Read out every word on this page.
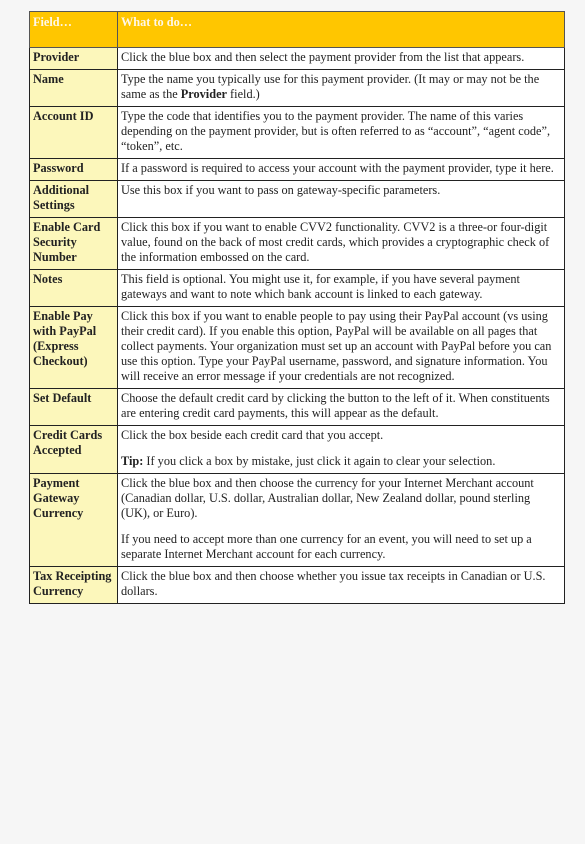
Field…	What to do…
Provider	Click the blue box and then select the payment provider from the list that appears.

Name	Type the name you typically use for this payment provider. (It may or may not be the same as the Provider field.)

Account ID	Type the code that identifies you to the payment provider. The name of this varies depending on the payment provider, but is often referred to as “account”, “agent code”, “token”, etc.

Password	If a password is required to access your account with the payment provider, type it here.

Additional Settings	Use this box if you want to pass on gateway-specific parameters.

Enable Card Security Number	Click this box if you want to enable CVV2 functionality. CVV2 is a three-or four-digit value, found on the back of most credit cards, which provides a cryptographic check of the information embossed on the card.

Notes	This field is optional. You might use it, for example, if you have several payment gateways and want to note which bank account is linked to each gateway.

Enable Pay with PayPal (Express Checkout)	Click this box if you want to enable people to pay using their PayPal account (vs using their credit card). If you enable this option, PayPal will be available on all pages that collect payments. Your organization must set up an account with PayPal before you can use this option. Type your PayPal username, password, and signature information. You will receive an error message if your credentials are not recognized.

Set Default	Choose the default credit card by clicking the button to the left of it. When constituents are entering credit card payments, this will appear as the default.

Credit Cards Accepted	Click the box beside each credit card that you accept.

Tip: If you click a box by mistake, just click it again to clear your selection.

Payment Gateway Currency	Click the blue box and then choose the currency for your Internet Merchant account (Canadian dollar, U.S. dollar, Australian dollar, New Zealand dollar, pound sterling (UK), or Euro).

If you need to accept more than one currency for an event, you will need to set up a separate Internet Merchant account for each currency.

Tax Receipting Currency	Click the blue box and then choose whether you issue tax receipts in Canadian or U.S. dollars.
